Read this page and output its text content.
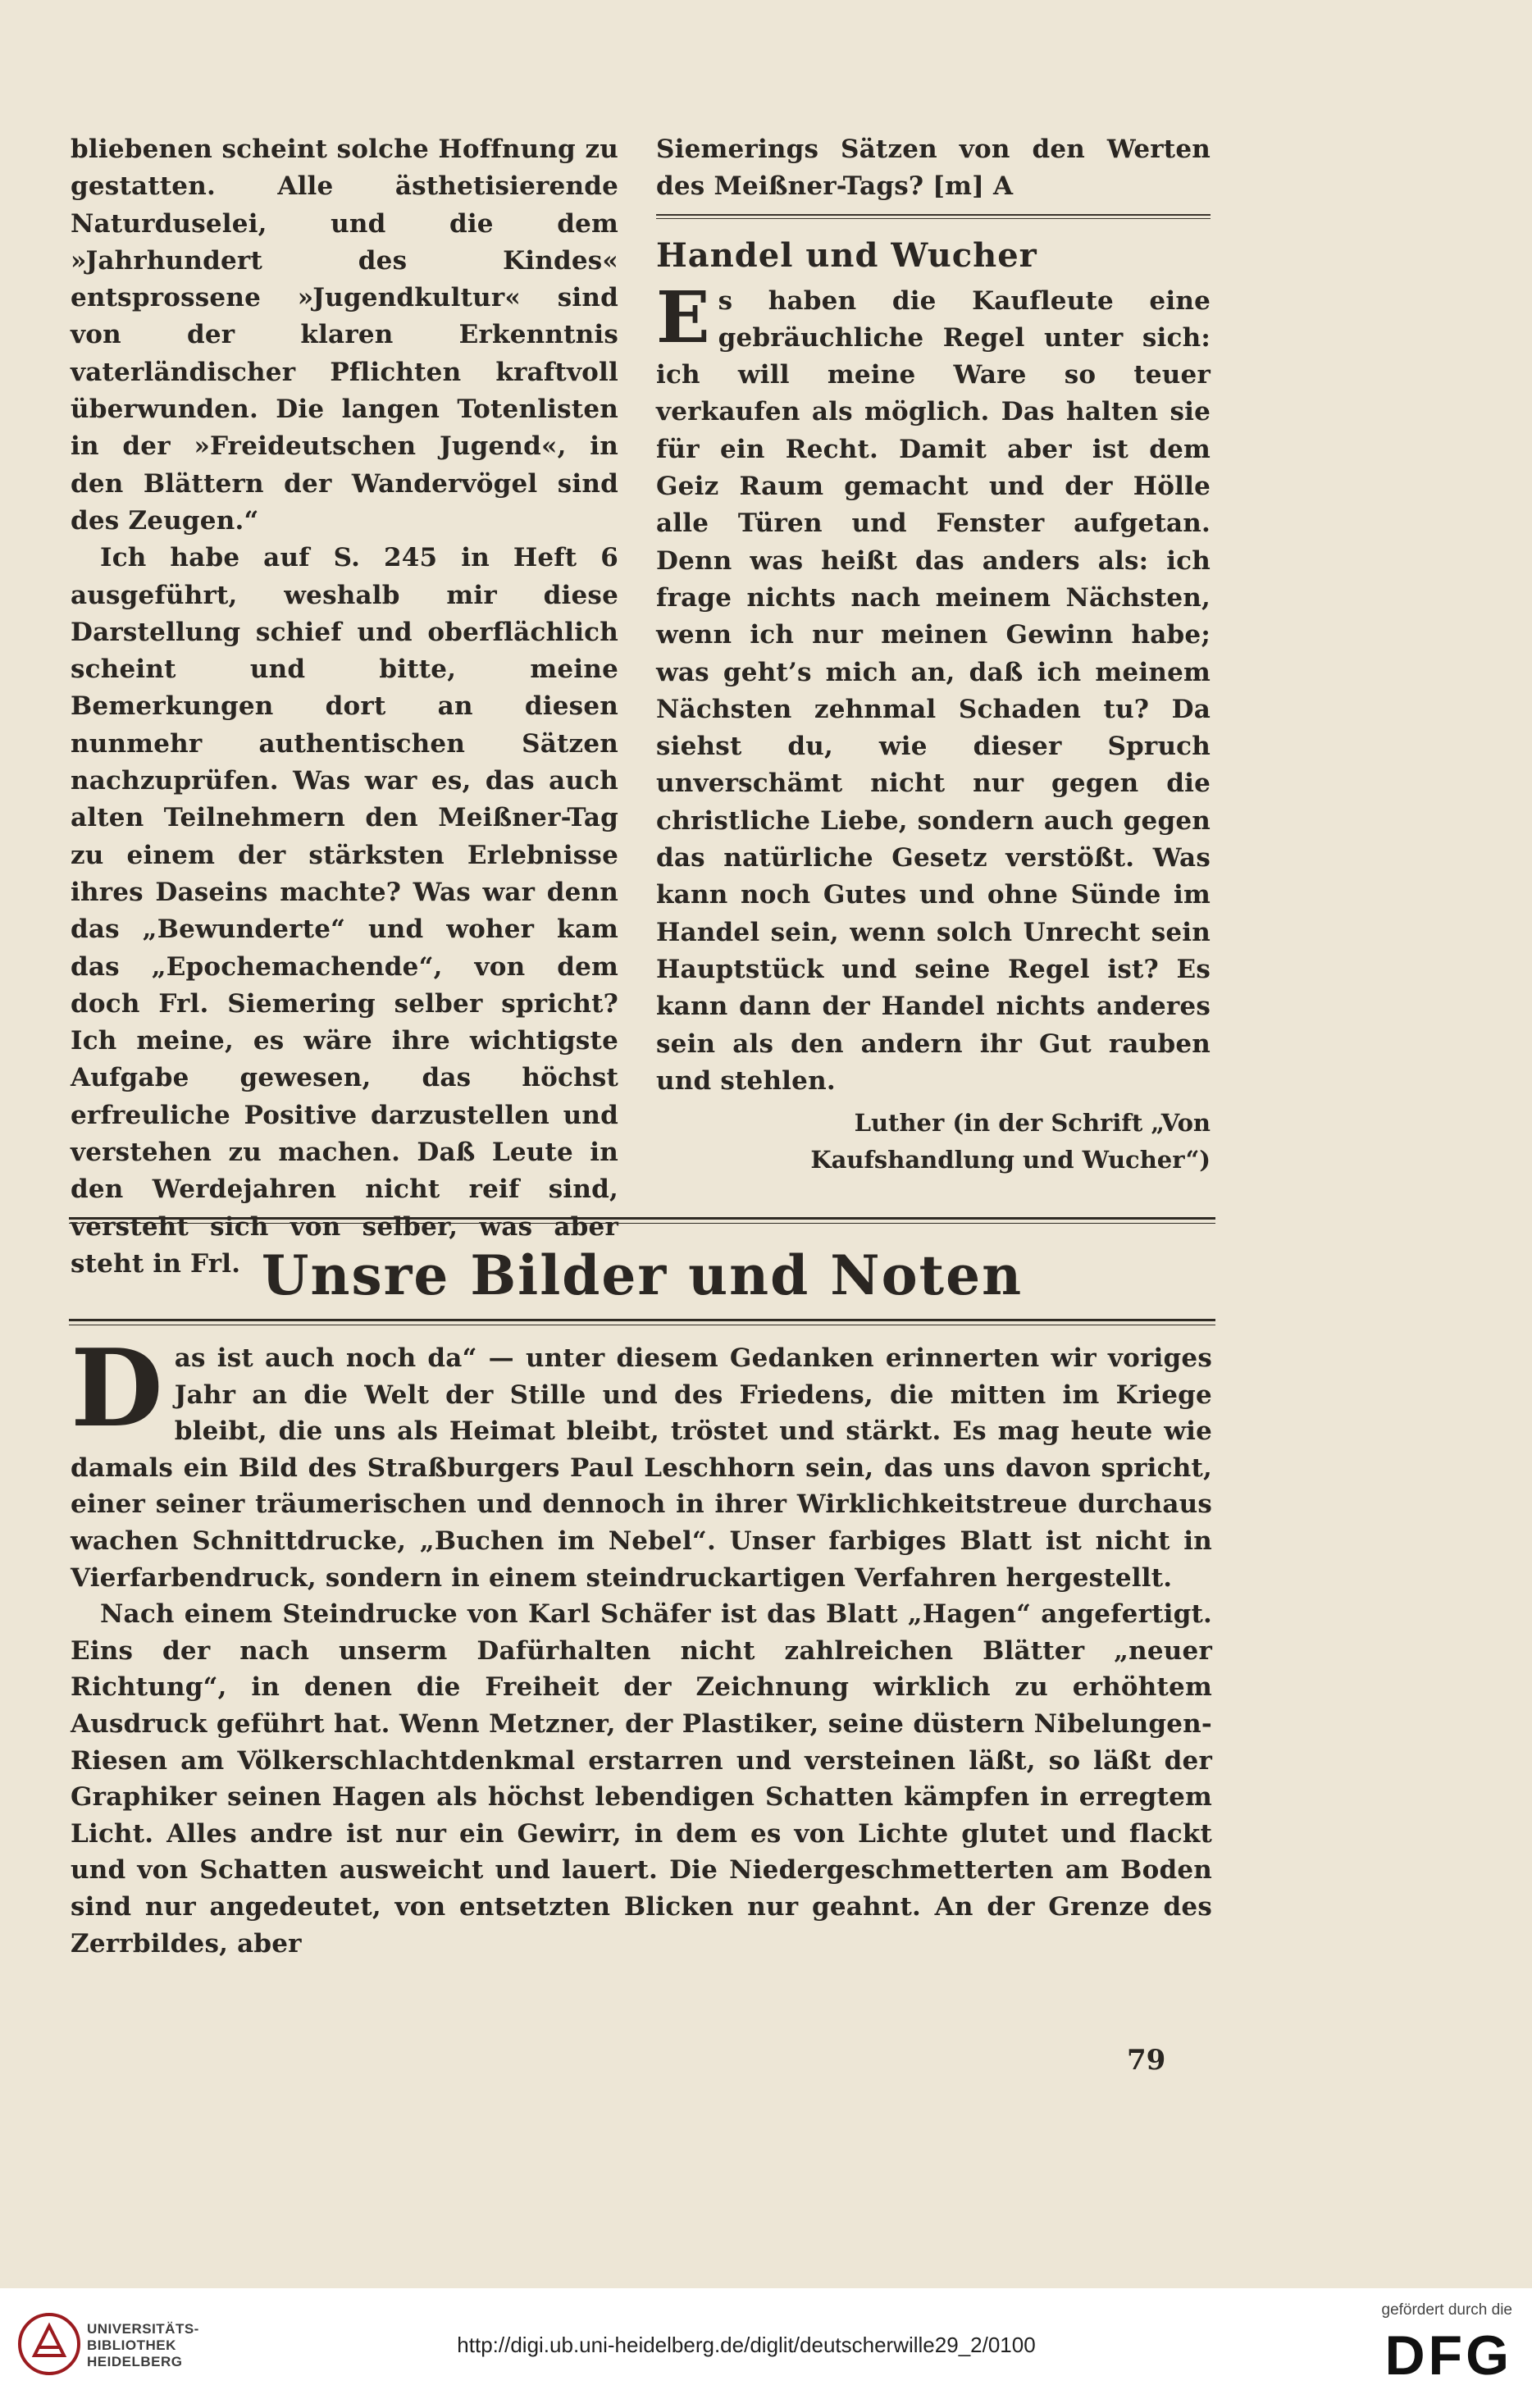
bliebenen scheint solche Hoffnung zu gestatten. Alle ästhetisierende Naturduselei, und die dem »Jahrhundert des Kindes« entsprossene »Jugendkultur« sind von der klaren Erkenntnis vaterländischer Pflichten kraftvoll überwunden. Die langen Totenlisten in der »Freideutschen Jugend«, in den Blättern der Wandervögel sind des Zeugen.“

Ich habe auf S. 245 in Heft 6 ausgeführt, weshalb mir diese Darstellung schief und oberflächlich scheint und bitte, meine Bemerkungen dort an diesen nunmehr authentischen Sätzen nachzuprüfen. Was war es, das auch alten Teilnehmern den Meißner-Tag zu einem der stärksten Erlebnisse ihres Daseins machte? Was war denn das „Bewunderte“ und woher kam das „Epochemachende“, von dem doch Frl. Siemering selber spricht? Ich meine, es wäre ihre wichtigste Aufgabe gewesen, das höchst erfreuliche Positive darzustellen und verstehen zu machen. Daß Leute in den Werdejahren nicht reif sind, versteht sich von selber, was aber steht in Frl.

Siemerings Sätzen von den Werten des Meißner-Tags? [m] A

Handel und Wucher
E s haben die Kaufleute eine gebräuchliche Regel unter sich: ich will meine Ware so teuer verkaufen als möglich. Das halten sie für ein Recht. Damit aber ist dem Geiz Raum gemacht und der Hölle alle Türen und Fenster aufgetan. Denn was heißt das anders als: ich frage nichts nach meinem Nächsten, wenn ich nur meinen Gewinn habe; was geht’s mich an, daß ich meinem Nächsten zehnmal Schaden tu? Da siehst du, wie dieser Spruch unverschämt nicht nur gegen die christliche Liebe, sondern auch gegen das natürliche Gesetz verstößt. Was kann noch Gutes und ohne Sünde im Handel sein, wenn solch Unrecht sein Hauptstück und seine Regel ist? Es kann dann der Handel nichts anderes sein als den andern ihr Gut rauben und stehlen.

Luther (in der Schrift „Von Kaufshandlung und Wucher“)

Unsre Bilder und Noten
D as ist auch noch da“ — unter diesem Gedanken erinnerten wir voriges Jahr an die Welt der Stille und des Friedens, die mitten im Kriege bleibt, die uns als Heimat bleibt, tröstet und stärkt. Es mag heute wie damals ein Bild des Straßburgers Paul Leschhorn sein, das uns davon spricht, einer seiner träumerischen und dennoch in ihrer Wirklichkeitstreue durchaus wachen Schnittdrucke, „Buchen im Nebel“. Unser farbiges Blatt ist nicht in Vierfarbendruck, sondern in einem steindruckartigen Verfahren hergestellt.

Nach einem Steindrucke von Karl Schäfer ist das Blatt „Hagen“ angefertigt. Eins der nach unserm Dafürhalten nicht zahlreichen Blätter „neuer Richtung“, in denen die Freiheit der Zeichnung wirklich zu erhöhtem Ausdruck geführt hat. Wenn Metzner, der Plastiker, seine düstern Nibelungen-Riesen am Völkerschlachtdenkmal erstarren und versteinen läßt, so läßt der Graphiker seinen Hagen als höchst lebendigen Schatten kämpfen in erregtem Licht. Alles andre ist nur ein Gewirr, in dem es von Lichte glutet und flackt und von Schatten ausweicht und lauert. Die Niedergeschmetterten am Boden sind nur angedeutet, von entsetzten Blicken nur geahnt. An der Grenze des Zerrbildes, aber

79

UNIVERSITÄTS-
BIBLIOTHEK
HEIDELBERG
http://digi.ub.uni-heidelberg.de/diglit/deutscherwille29_2/0100
gefördert durch die
DFG
